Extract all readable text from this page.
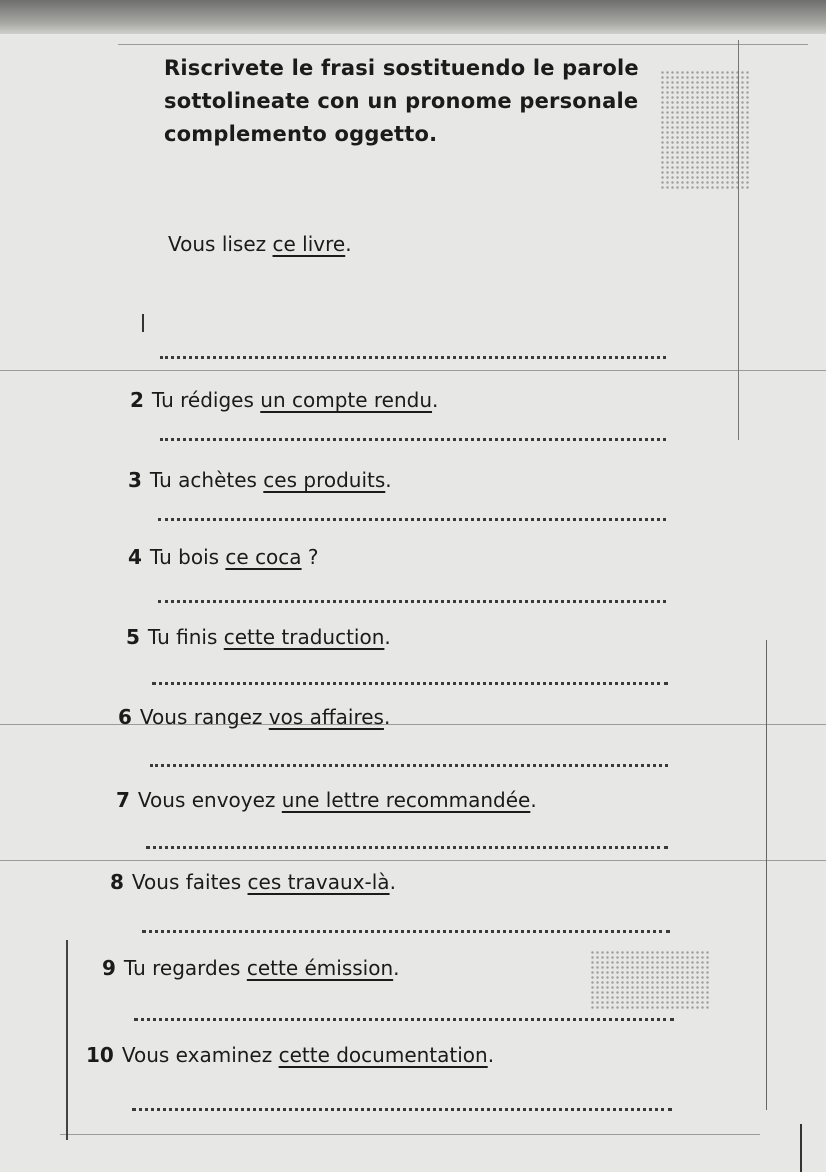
Riscrivete le frasi sostituendo le parole sottolineate con un pronome personale complemento oggetto.
Vous lisez ce livre.
2 Tu rédiges un compte rendu.
3 Tu achètes ces produits.
4 Tu bois ce coca ?
5 Tu finis cette traduction.
6 Vous rangez vos affaires.
7 Vous envoyez une lettre recommandée.
8 Vous faites ces travaux-là.
9 Tu regardes cette émission.
10 Vous examinez cette documentation.
